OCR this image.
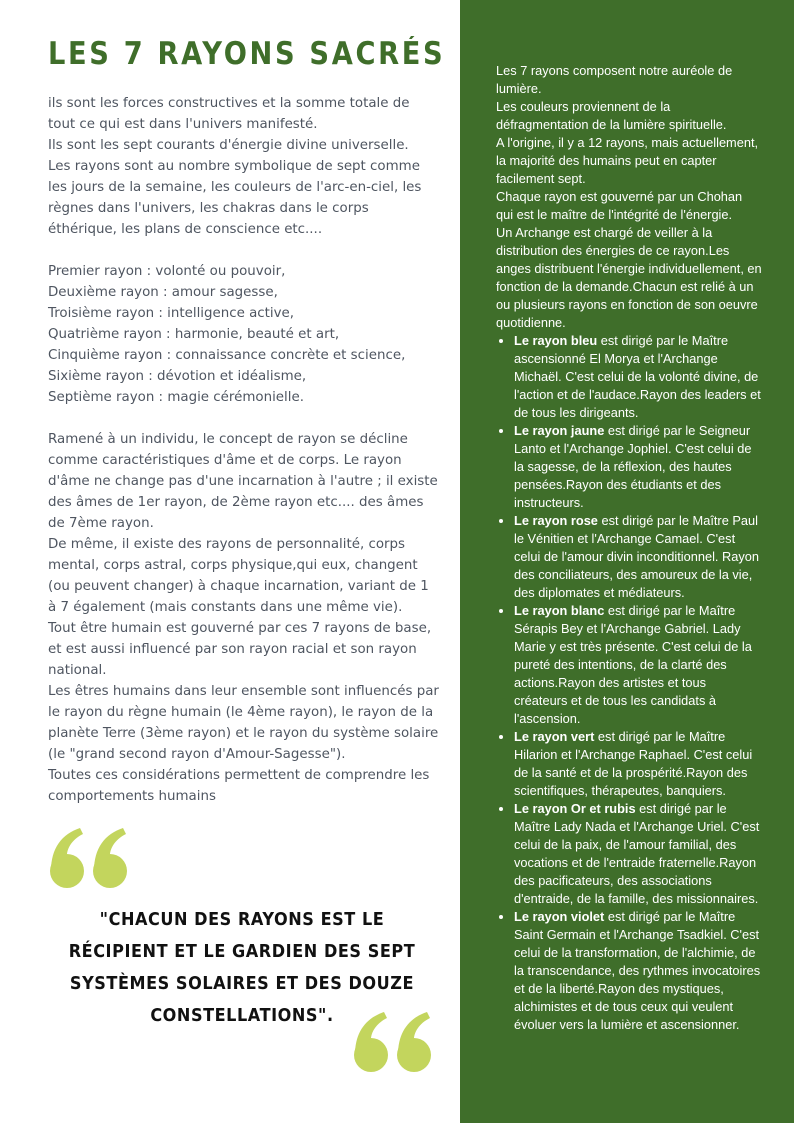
LES 7 RAYONS SACRÉS

ils sont les forces constructives et la somme totale de tout ce qui est dans l'univers manifesté.

Ils sont les sept courants d'énergie divine universelle.

Les rayons sont au nombre symbolique de sept comme les jours de la semaine, les couleurs de l'arc-en-ciel, les règnes dans l'univers, les chakras dans le corps éthérique, les plans de conscience etc....

Premier rayon : volonté ou pouvoir,

Deuxième rayon : amour sagesse,

Troisième rayon : intelligence active,

Quatrième rayon : harmonie, beauté et art,

Cinquième rayon : connaissance concrète et science,

Sixième rayon : dévotion et idéalisme,

Septième rayon : magie cérémonielle.

Ramené à un individu, le concept de rayon se décline comme caractéristiques d'âme et de corps. Le rayon d'âme ne change pas d'une incarnation à l'autre ; il existe des âmes de 1er rayon, de 2ème rayon etc.... des âmes de 7ème rayon.

De même, il existe des rayons de personnalité, corps mental, corps astral, corps physique,qui eux, changent (ou peuvent changer) à chaque incarnation, variant de 1 à 7 également (mais constants dans une même vie).

Tout être humain est gouverné par ces 7 rayons de base, et est aussi influencé par son rayon racial et son rayon national.

Les êtres humains dans leur ensemble sont influencés par le rayon du règne humain (le 4ème rayon), le rayon de la planète Terre (3ème rayon) et le rayon du système solaire (le "grand second rayon d'Amour-Sagesse").

Toutes ces considérations permettent de comprendre les comportements humains

"CHACUN DES RAYONS EST LE RÉCIPIENT ET LE GARDIEN DES SEPT SYSTÈMES SOLAIRES ET DES DOUZE CONSTELLATIONS".

Les 7 rayons composent notre auréole de lumière.

Les couleurs proviennent de la défragmentation de la lumière spirituelle.

A l'origine, il y a 12 rayons, mais actuellement, la majorité des humains peut en capter facilement sept.

Chaque rayon est gouverné par un Chohan qui est le maître de l'intégrité de l'énergie.

Un Archange est chargé de veiller à la distribution des énergies de ce rayon.Les anges distribuent l'énergie individuellement, en fonction de la demande.Chacun est relié à un ou plusieurs rayons en fonction de son oeuvre quotidienne.

• Le rayon bleu est dirigé par le Maître ascensionné El Morya et l'Archange Michaël. C'est celui de la volonté divine, de l'action et de l'audace.Rayon des leaders et de tous les dirigeants.
• Le rayon jaune est dirigé par le Seigneur Lanto et l'Archange Jophiel. C'est celui de la sagesse, de la réflexion, des hautes pensées.Rayon des étudiants et des instructeurs.
• Le rayon rose est dirigé par le Maître Paul le Vénitien et l'Archange Camael. C'est celui de l'amour divin inconditionnel. Rayon des conciliateurs, des amoureux de la vie, des diplomates et médiateurs.
• Le rayon blanc est dirigé par le Maître Sérapis Bey et l'Archange Gabriel. Lady Marie y est très présente. C'est celui de la pureté des intentions, de la clarté des actions.Rayon des artistes et tous créateurs et de tous les candidats à l'ascension.
• Le rayon vert est dirigé par le Maître Hilarion et l'Archange Raphael. C'est celui de la santé et de la prospérité.Rayon des scientifiques, thérapeutes, banquiers.
• Le rayon Or et rubis est dirigé par le Maître Lady Nada et l'Archange Uriel. C'est celui de la paix, de l'amour familial, des vocations et de l'entraide fraternelle.Rayon des pacificateurs, des associations d'entraide, de la famille, des missionnaires.
• Le rayon violet est dirigé par le Maître Saint Germain et l'Archange Tsadkiel. C'est celui de la transformation, de l'alchimie, de la transcendance, des rythmes invocatoires et de la liberté.Rayon des mystiques, alchimistes et de tous ceux qui veulent évoluer vers la lumière et ascensionner.
